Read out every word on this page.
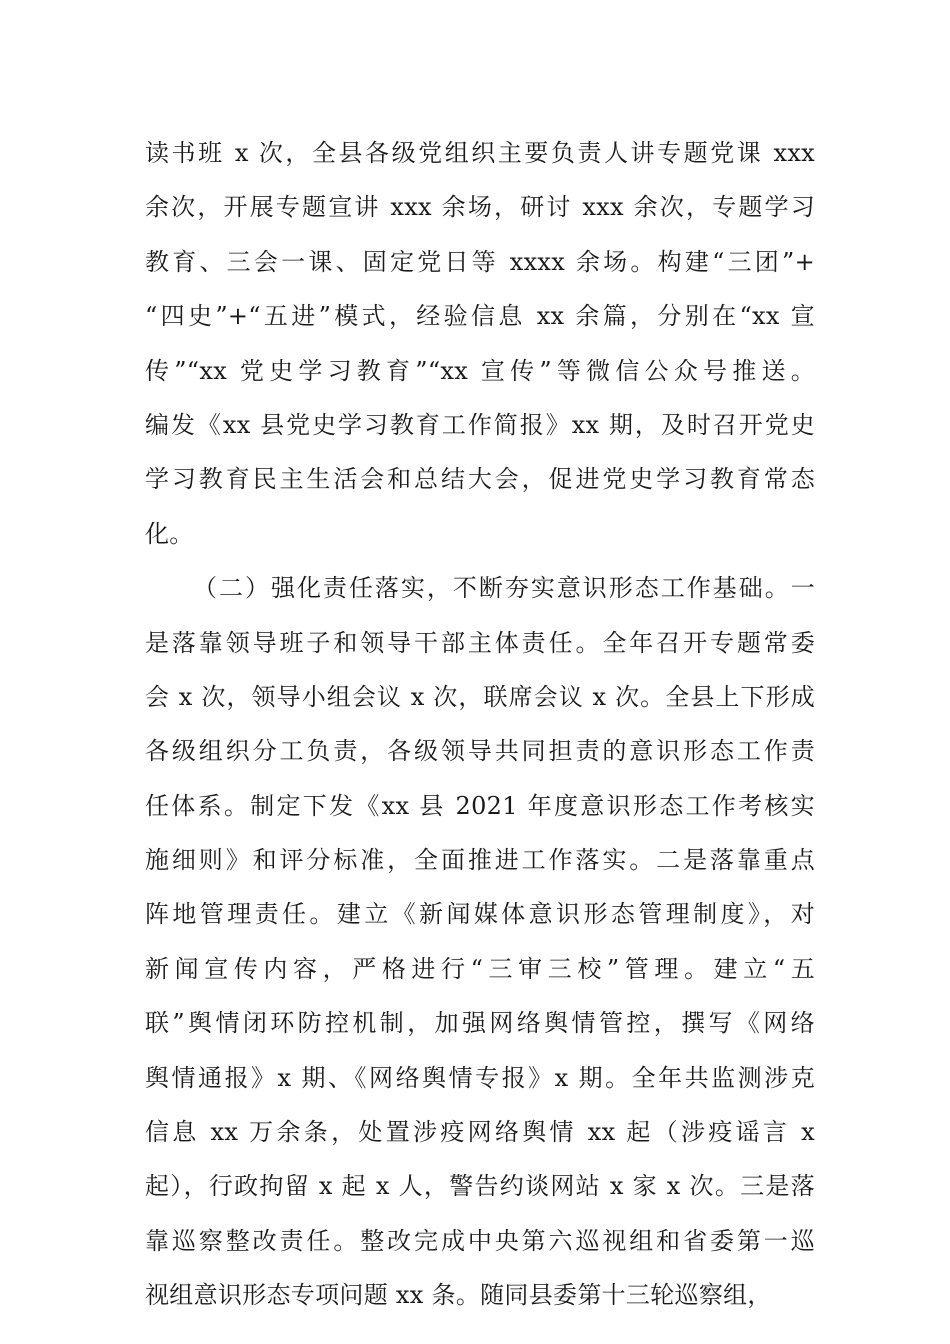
读书班 x 次，全县各级党组织主要负责人讲专题党课 xxx
余次，开展专题宣讲 xxx 余场，研讨 xxx 余次，专题学习
教育、三会一课、固定党日等 xxxx 余场。构建“三团”+
“四史”+“五进”模式，经验信息 xx 余篇，分别在“xx 宣
传”“xx 党史学习教育”“xx 宣传”等微信公众号推送。
编发《xx 县党史学习教育工作简报》xx 期，及时召开党史
学习教育民主生活会和总结大会，促进党史学习教育常态
化。
（二）强化责任落实，不断夯实意识形态工作基础。一
是落靠领导班子和领导干部主体责任。全年召开专题常委
会 x 次，领导小组会议 x 次，联席会议 x 次。全县上下形成
各级组织分工负责，各级领导共同担责的意识形态工作责
任体系。制定下发《xx 县 2021 年度意识形态工作考核实
施细则》和评分标准，全面推进工作落实。二是落靠重点
阵地管理责任。建立《新闻媒体意识形态管理制度》，对
新闻宣传内容，严格进行“三审三校”管理。建立“五
联”舆情闭环防控机制，加强网络舆情管控，撰写《网络
舆情通报》x 期、《网络舆情专报》x 期。全年共监测涉克
信息 xx 万余条，处置涉疫网络舆情 xx 起（涉疫谣言 x
起），行政拘留 x 起 x 人，警告约谈网站 x 家 x 次。三是落
靠巡察整改责任。整改完成中央第六巡视组和省委第一巡
视组意识形态专项问题 xx 条。随同县委第十三轮巡察组，
